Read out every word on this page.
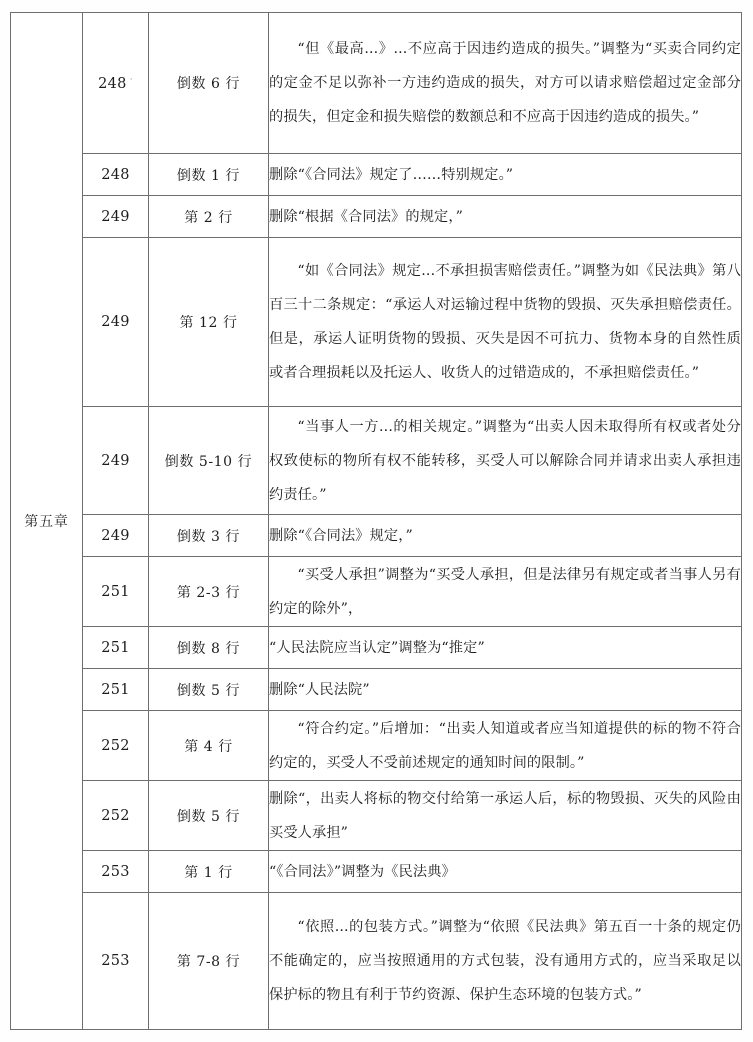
第五章	248 ·	倒数 6 行	“但《最高...》...不应高于因违约造成的损失。”调整为“买卖合同约定的定金不足以弥补一方违约造成的损失，对方可以请求赔偿超过定金部分的损失，但定金和损失赔偿的数额总和不应高于因违约造成的损失。”

	248	倒数 1 行	删除“《合同法》规定了……特别规定。”

	249	第 2 行	删除“根据《合同法》的规定，”

	249	第 12 行	“如《合同法》规定...不承担损害赔偿责任。”调整为如《民法典》第八百三十二条规定：“承运人对运输过程中货物的毁损、灭失承担赔偿责任。但是，承运人证明货物的毁损、灭失是因不可抗力、货物本身的自然性质或者合理损耗以及托运人、收货人的过错造成的，不承担赔偿责任。”

	249	倒数 5-10 行	“当事人一方...的相关规定。”调整为“出卖人因未取得所有权或者处分权致使标的物所有权不能转移，买受人可以解除合同并请求出卖人承担违约责任。”

	249	倒数 3 行	删除“《合同法》规定，”

	251	第 2-3 行	“买受人承担”调整为“买受人承担，但是法律另有规定或者当事人另有约定的除外”，

	251	倒数 8 行	“人民法院应当认定”调整为“推定”

	251	倒数 5 行	删除“人民法院”

	252	第 4 行	“符合约定。”后增加：“出卖人知道或者应当知道提供的标的物不符合约定的，买受人不受前述规定的通知时间的限制。”

	252	倒数 5 行	删除“，出卖人将标的物交付给第一承运人后，标的物毁损、灭失的风险由买受人承担”

	253	第 1 行	“《合同法》”调整为《民法典》

	253	第 7-8 行	“依照...的包装方式。”调整为“依照《民法典》第五百一十条的规定仍不能确定的，应当按照通用的方式包装，没有通用方式的，应当采取足以保护标的物且有利于节约资源、保护生态环境的包装方式。”
